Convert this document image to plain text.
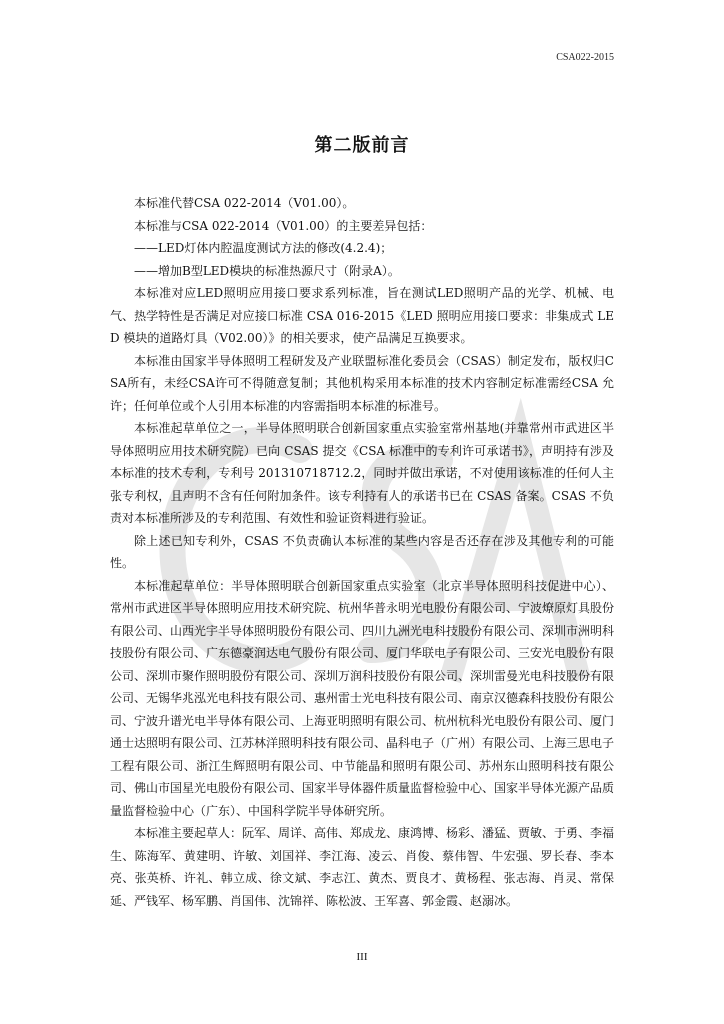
CSA022-2015
第二版前言

本标准代替CSA 022-2014（V01.00）。

本标准与CSA 022-2014（V01.00）的主要差异包括：

——LED灯体内腔温度测试方法的修改(4.2.4)；

——增加B型LED模块的标准热源尺寸（附录A）。

本标准对应LED照明应用接口要求系列标准，旨在测试LED照明产品的光学、机械、电气、热学特性是否满足对应接口标准 CSA 016-2015《LED 照明应用接口要求：非集成式 LED 模块的道路灯具（V02.00）》的相关要求，使产品满足互换要求。

本标准由国家半导体照明工程研发及产业联盟标准化委员会（CSAS）制定发布，版权归CSA所有，未经CSA许可不得随意复制；其他机构采用本标准的技术内容制定标准需经CSA 允许；任何单位或个人引用本标准的内容需指明本标准的标准号。

本标准起草单位之一，半导体照明联合创新国家重点实验室常州基地(并靠常州市武进区半导体照明应用技术研究院）已向 CSAS 提交《CSA 标准中的专利许可承诺书》，声明持有涉及本标准的技术专利，专利号 201310718712.2，同时并做出承诺，不对使用该标准的任何人主张专利权，且声明不含有任何附加条件。该专利持有人的承诺书已在 CSAS 备案。CSAS 不负责对本标准所涉及的专利范围、有效性和验证资料进行验证。

除上述已知专利外，CSAS 不负责确认本标准的某些内容是否还存在涉及其他专利的可能性。

本标准起草单位：半导体照明联合创新国家重点实验室（北京半导体照明科技促进中心）、常州市武进区半导体照明应用技术研究院、杭州华普永明光电股份有限公司、宁波燎原灯具股份有限公司、山西光宇半导体照明股份有限公司、四川九洲光电科技股份有限公司、深圳市洲明科技股份有限公司、广东德豪润达电气股份有限公司、厦门华联电子有限公司、三安光电股份有限公司、深圳市聚作照明股份有限公司、深圳万润科技股份有限公司、深圳雷曼光电科技股份有限公司、无锡华兆泓光电科技有限公司、惠州雷士光电科技有限公司、南京汉德森科技股份有限公司、宁波升谱光电半导体有限公司、上海亚明照明有限公司、杭州杭科光电股份有限公司、厦门通士达照明有限公司、江苏林洋照明科技有限公司、晶科电子（广州）有限公司、上海三思电子工程有限公司、浙江生辉照明有限公司、中节能晶和照明有限公司、苏州东山照明科技有限公司、佛山市国星光电股份有限公司、国家半导体器件质量监督检验中心、国家半导体光源产品质量监督检验中心（广东）、中国科学院半导体研究所。

本标准主要起草人：阮军、周详、高伟、郑成龙、康鸿博、杨彩、潘猛、贾敏、于勇、李福生、陈海军、黄建明、许敏、刘国祥、李江海、凌云、肖俊、蔡伟智、牛宏强、罗长春、李本亮、张英桥、许礼、韩立成、徐文斌、李志江、黄杰、贾良才、黄杨程、张志海、肖灵、常保延、严钱军、杨军鹏、肖国伟、沈锦祥、陈松波、王军喜、郭金霞、赵溺冰。

III
